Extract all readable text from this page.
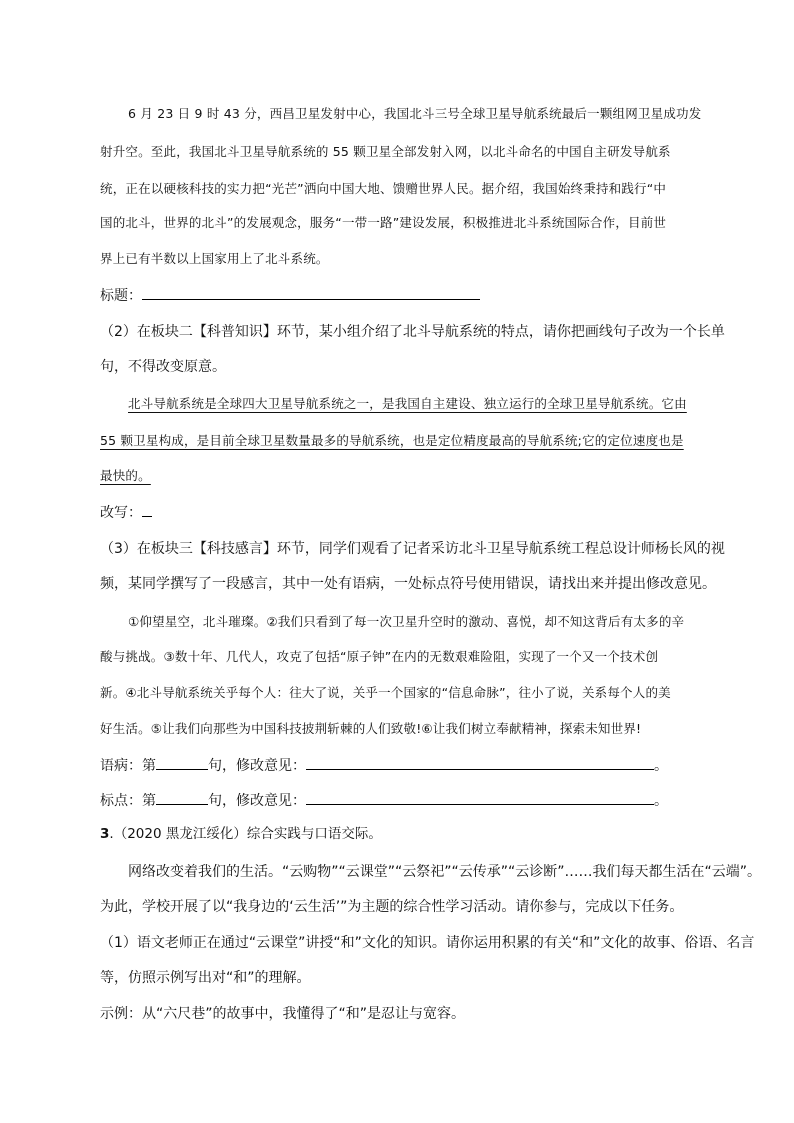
6 月 23 日 9 时 43 分，西昌卫星发射中心，我国北斗三号全球卫星导航系统最后一颗组网卫星成功发
射升空。至此，我国北斗卫星导航系统的 55 颗卫星全部发射入网，以北斗命名的中国自主研发导航系
统，正在以硬核科技的实力把“光芒”洒向中国大地、馈赠世界人民。据介绍，我国始终秉持和践行“中
国的北斗，世界的北斗”的发展观念，服务“一带一路”建设发展，积极推进北斗系统国际合作，目前世
界上已有半数以上国家用上了北斗系统。
标题：
（2）在板块二【科普知识】环节，某小组介绍了北斗导航系统的特点，请你把画线句子改为一个长单
句，不得改变原意。
北斗导航系统是全球四大卫星导航系统之一，是我国自主建设、独立运行的全球卫星导航系统。它由
55 颗卫星构成，是目前全球卫星数量最多的导航系统，也是定位精度最高的导航系统;它的定位速度也是
最快的。
改写：
（3）在板块三【科技感言】环节，同学们观看了记者采访北斗卫星导航系统工程总设计师杨长风的视
频，某同学撰写了一段感言，其中一处有语病，一处标点符号使用错误，请找出来并提出修改意见。
①仰望星空，北斗璀璨。②我们只看到了每一次卫星升空时的激动、喜悦，却不知这背后有太多的辛
酸与挑战。③数十年、几代人，攻克了包括“原子钟”在内的无数艰难险阻，实现了一个又一个技术创
新。④北斗导航系统关乎每个人：往大了说，关乎一个国家的“信息命脉”，往小了说，关系每个人的美
好生活。⑤让我们向那些为中国科技披荆斩棘的人们致敬!⑥让我们树立奉献精神，探索未知世界!
语病：第	句，修改意见：	。
标点：第	句，修改意见：	。
3.（2020 黑龙江绥化）综合实践与口语交际。
网络改变着我们的生活。“云购物”“云课堂”“云祭祀”“云传承”“云诊断”……我们每天都生活在“云端”。
为此，学校开展了以“我身边的‘云生活’”为主题的综合性学习活动。请你参与，完成以下任务。
（1）语文老师正在通过“云课堂”讲授“和”文化的知识。请你运用积累的有关“和”文化的故事、俗语、名言
等，仿照示例写出对“和”的理解。
示例：从“六尺巷”的故事中，我懂得了“和”是忍让与宽容。
